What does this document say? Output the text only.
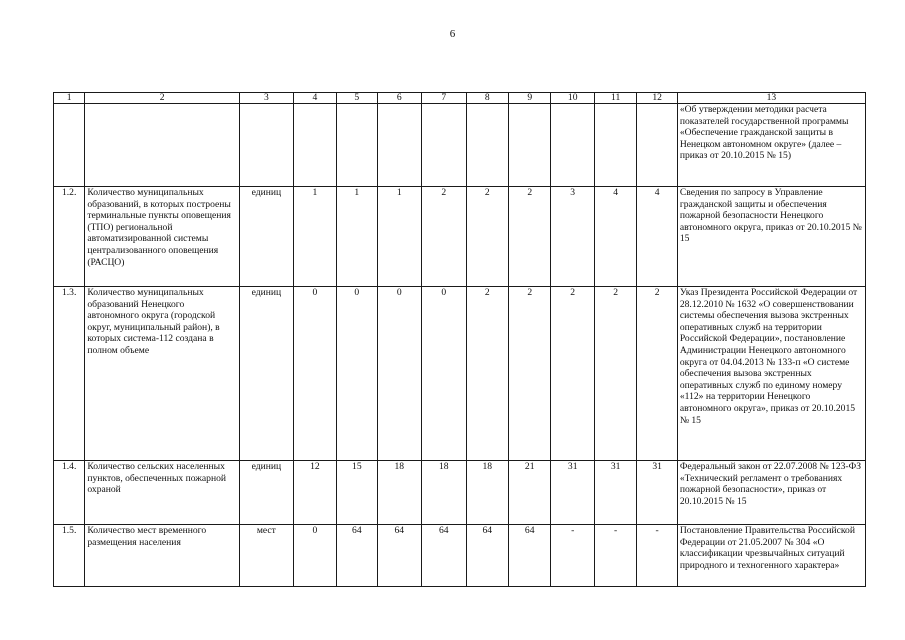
6
1	2	3	4	5	6	7	8	9	10	11	12	13
												«Об утверждении методики расчета показателей государственной программы «Обеспечение гражданской защиты в Ненецком автономном округе» (далее – приказ от 20.10.2015 № 15)
1.2.	Количество муниципальных образований, в которых построены терминальные пункты оповещения (ТПО) региональной автоматизированной системы централизованного оповещения (РАСЦО)	единиц	1	1	1	2	2	2	3	4	4	Сведения по запросу в Управление гражданской защиты и обеспечения пожарной безопасности Ненецкого автономного округа, приказ от 20.10.2015 № 15
1.3.	Количество муниципальных образований Ненецкого автономного округа (городской округ, муниципальный район), в которых система-112 создана в полном объеме	единиц	0	0	0	0	2	2	2	2	2	Указ Президента Российской Федерации от 28.12.2010 № 1632 «О совершенствовании системы обеспечения вызова экстренных оперативных служб на территории Российской Федерации», постановление Администрации Ненецкого автономного округа от 04.04.2013 № 133-п «О системе обеспечения вызова экстренных оперативных служб по единому номеру «112» на территории Ненецкого автономного округа», приказ от 20.10.2015 № 15
1.4.	Количество сельских населенных пунктов, обеспеченных пожарной охраной	единиц	12	15	18	18	18	21	31	31	31	Федеральный закон от 22.07.2008 № 123-ФЗ «Технический регламент о требованиях пожарной безопасности», приказ от 20.10.2015 № 15
1.5.	Количество мест временного размещения населения	мест	0	64	64	64	64	64	-	-	-	Постановление Правительства Российской Федерации от 21.05.2007 № 304 «О классификации чрезвычайных ситуаций природного и техногенного характера»
